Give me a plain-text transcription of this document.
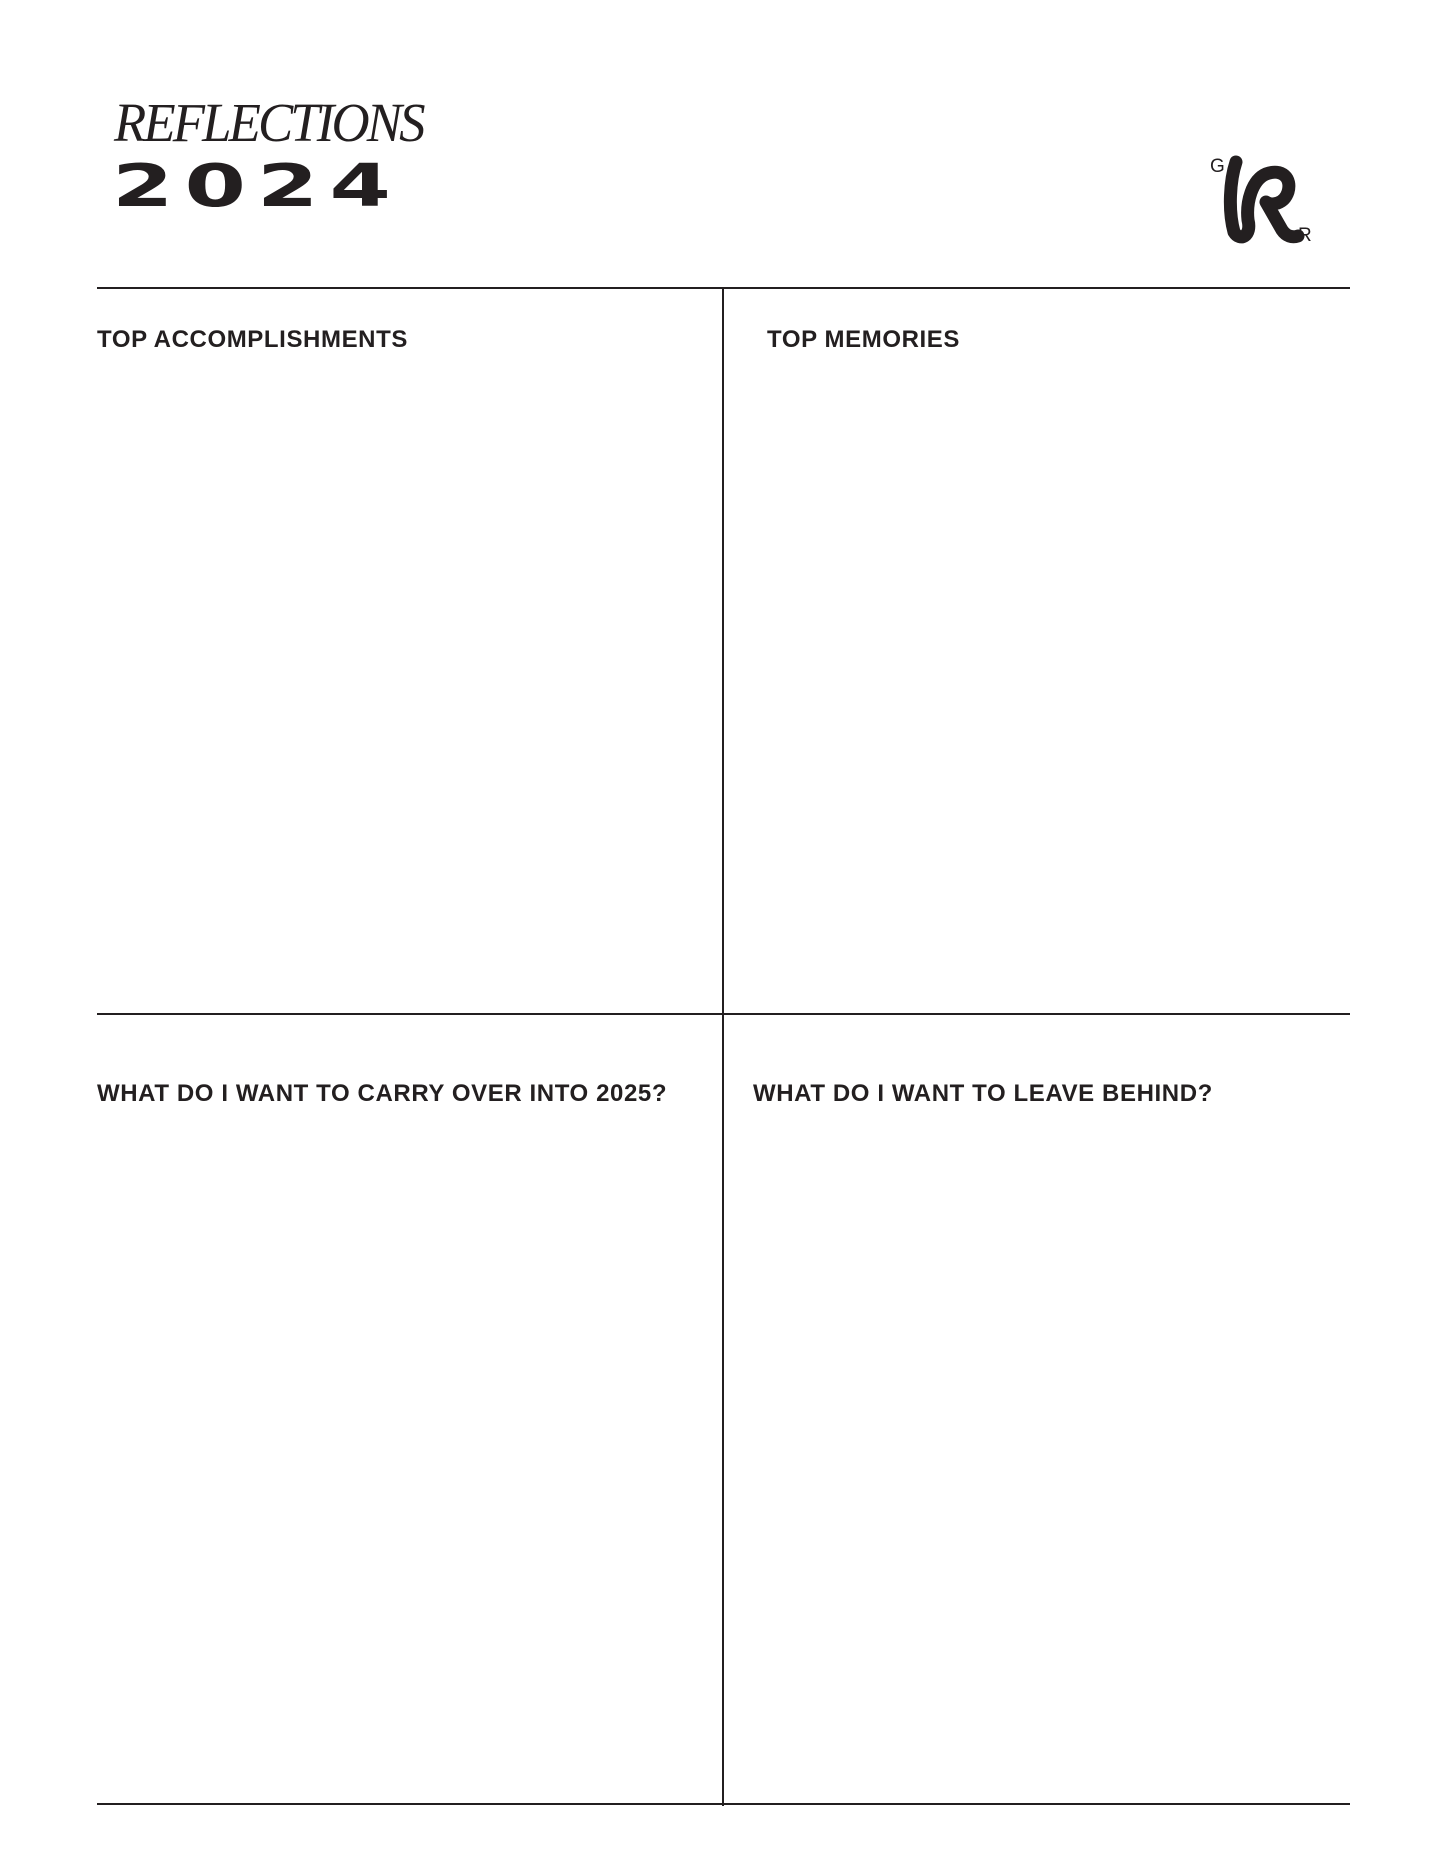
REFLECTIONS
2024	G
R
TOP ACCOMPLISHMENTS	TOP MEMORIES
WHAT DO I WANT TO CARRY OVER INTO 2025?	WHAT DO I WANT TO LEAVE BEHIND?
